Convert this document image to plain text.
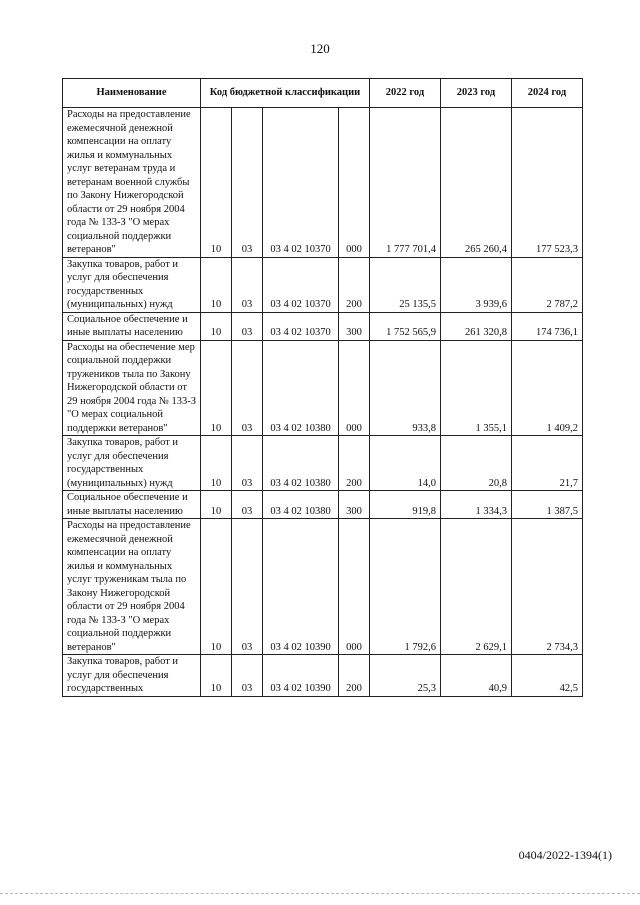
120
Наименование	Код бюджетной классификации				2022 год	2023 год	2024 год
Расходы на предоставление ежемесячной денежной компенсации на оплату жилья и коммунальных услуг ветеранам труда и ветеранам военной службы по Закону Нижегородской области от 29 ноября 2004 года № 133-З "О мерах социальной поддержки ветеранов"	10	03	03 4 02 10370	000	1 777 701,4	265 260,4	177 523,3
Закупка товаров, работ и услуг для обеспечения государственных (муниципальных) нужд	10	03	03 4 02 10370	200	25 135,5	3 939,6	2 787,2
Социальное обеспечение и иные выплаты населению	10	03	03 4 02 10370	300	1 752 565,9	261 320,8	174 736,1
Расходы на обеспечение мер социальной поддержки тружеников тыла по Закону Нижегородской области от 29 ноября 2004 года № 133-З "О мерах социальной поддержки ветеранов"	10	03	03 4 02 10380	000	933,8	1 355,1	1 409,2
Закупка товаров, работ и услуг для обеспечения государственных (муниципальных) нужд	10	03	03 4 02 10380	200	14,0	20,8	21,7
Социальное обеспечение и иные выплаты населению	10	03	03 4 02 10380	300	919,8	1 334,3	1 387,5
Расходы на предоставление ежемесячной денежной компенсации на оплату жилья и коммунальных услуг труженикам тыла по Закону Нижегородской области от 29 ноября 2004 года № 133-З "О мерах социальной поддержки ветеранов"	10	03	03 4 02 10390	000	1 792,6	2 629,1	2 734,3
Закупка товаров, работ и услуг для обеспечения государственных	10	03	03 4 02 10390	200	25,3	40,9	42,5
0404/2022-1394(1)
